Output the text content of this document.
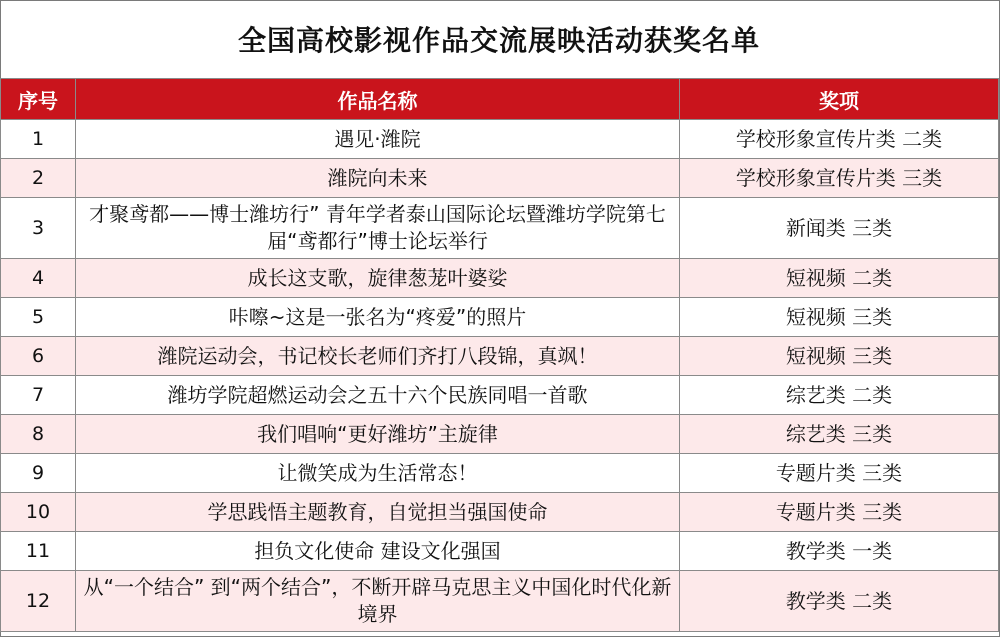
全国高校影视作品交流展映活动获奖名单
序号	作品名称	奖项
1	遇见·潍院	学校形象宣传片类 二类
2	潍院向未来	学校形象宣传片类 三类
3	才聚鸢都——博士潍坊行” 青年学者泰山国际论坛暨潍坊学院第七届“鸢都行”博士论坛举行	新闻类 三类
4	成长这支歌，旋律葱茏叶婆娑	短视频 二类
5	咔嚓~这是一张名为“疼爱”的照片	短视频 三类
6	潍院运动会，书记校长老师们齐打八段锦，真飒！	短视频 三类
7	潍坊学院超燃运动会之五十六个民族同唱一首歌	综艺类 二类
8	我们唱响“更好潍坊”主旋律	综艺类 三类
9	让微笑成为生活常态！	专题片类 三类
10	学思践悟主题教育，自觉担当强国使命	专题片类 三类
11	担负文化使命 建设文化强国	教学类 一类
12	从“一个结合” 到“两个结合”，不断开辟马克思主义中国化时代化新境界	教学类 二类
